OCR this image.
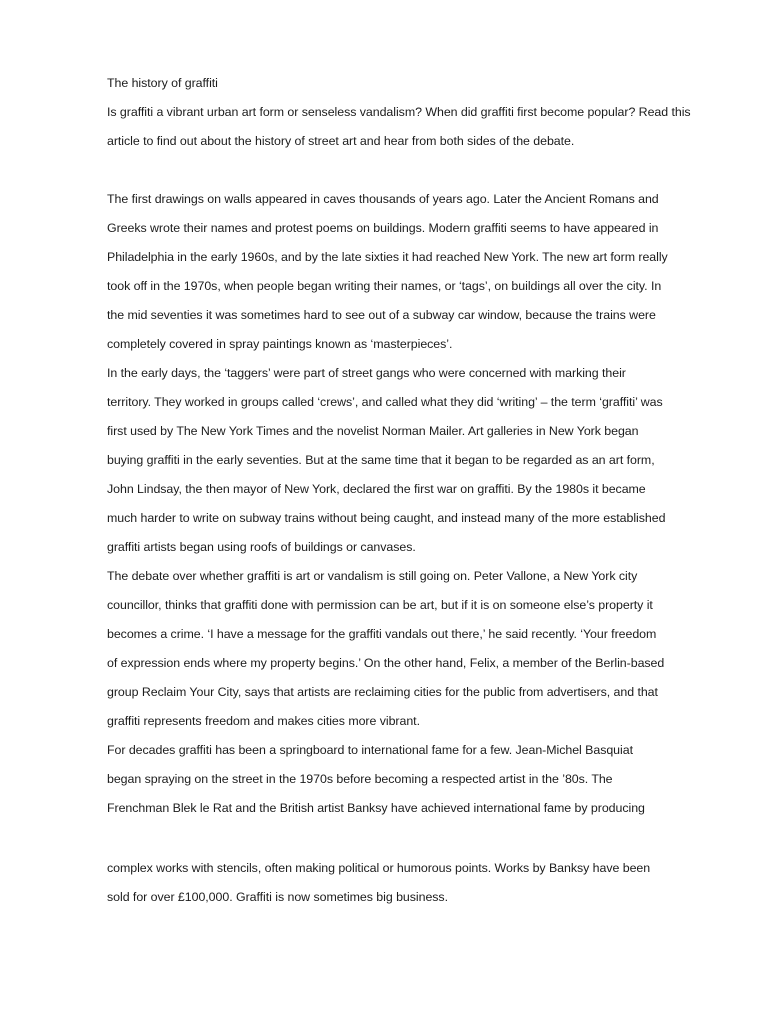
The history of graffiti

Is graffiti a vibrant urban art form or senseless vandalism? When did graffiti first become popular? Read this

article to find out about the history of street art and hear from both sides of the debate.

The first drawings on walls appeared in caves thousands of years ago. Later the Ancient Romans and

Greeks wrote their names and protest poems on buildings. Modern graffiti seems to have appeared in

Philadelphia in the early 1960s, and by the late sixties it had reached New York. The new art form really

took off in the 1970s, when people began writing their names, or ‘tags’, on buildings all over the city. In

the mid seventies it was sometimes hard to see out of a subway car window, because the trains were

completely covered in spray paintings known as ‘masterpieces’.

In the early days, the ‘taggers’ were part of street gangs who were concerned with marking their

territory. They worked in groups called ‘crews’, and called what they did ‘writing’ – the term ‘graffiti’ was

first used by The New York Times and the novelist Norman Mailer. Art galleries in New York began

buying graffiti in the early seventies. But at the same time that it began to be regarded as an art form,

John Lindsay, the then mayor of New York, declared the first war on graffiti. By the 1980s it became

much harder to write on subway trains without being caught, and instead many of the more established

graffiti artists began using roofs of buildings or canvases.

The debate over whether graffiti is art or vandalism is still going on. Peter Vallone, a New York city

councillor, thinks that graffiti done with permission can be art, but if it is on someone else’s property it

becomes a crime. ‘I have a message for the graffiti vandals out there,’ he said recently. ‘Your freedom

of expression ends where my property begins.’ On the other hand, Felix, a member of the Berlin-based

group Reclaim Your City, says that artists are reclaiming cities for the public from advertisers, and that

graffiti represents freedom and makes cities more vibrant.

For decades graffiti has been a springboard to international fame for a few. Jean-Michel Basquiat

began spraying on the street in the 1970s before becoming a respected artist in the ’80s. The

Frenchman Blek le Rat and the British artist Banksy have achieved international fame by producing

complex works with stencils, often making political or humorous points. Works by Banksy have been

sold for over £100,000. Graffiti is now sometimes big business.
